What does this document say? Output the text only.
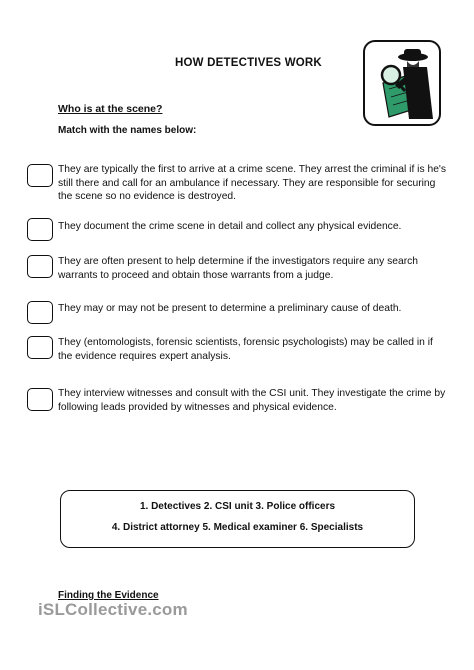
HOW DETECTIVES WORK
Who is at the scene?
Match with the names below:
They are typically the first to arrive at a crime scene. They arrest the criminal if is he's still there and call for an ambulance if necessary. They are responsible for securing the scene so no evidence is destroyed.
They document the crime scene in detail and collect any physical evidence.
They are often present to help determine if the investigators require any search warrants to proceed and obtain those warrants from a judge.
They may or may not be present to determine a preliminary cause of death.
They (entomologists, forensic scientists, forensic psychologists) may be called in if the evidence requires expert analysis.
They interview witnesses and consult with the CSI unit. They investigate the crime by following leads provided by witnesses and physical evidence.
1. Detectives 2. CSI unit 3. Police officers
4. District attorney 5. Medical examiner 6. Specialists
Finding the Evidence
iSLCollective.com
